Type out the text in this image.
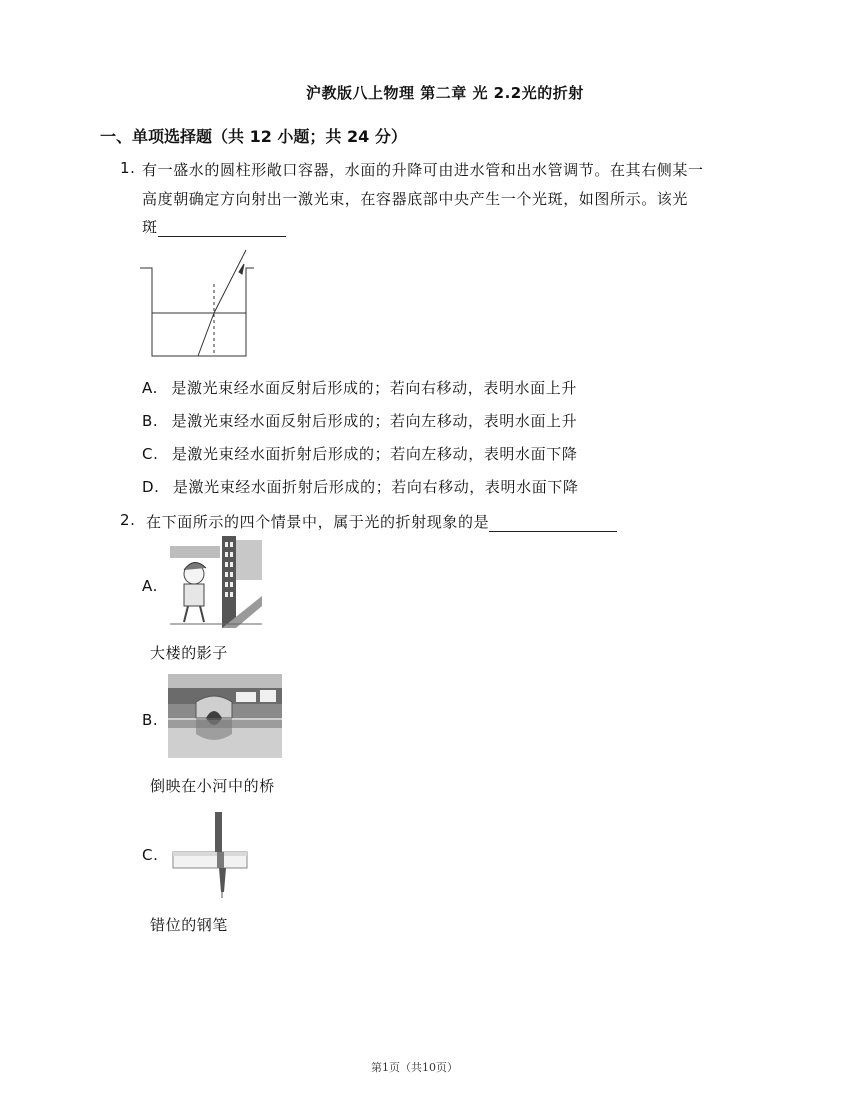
沪教版八上物理 第二章 光 2.2光的折射
一、单项选择题（共 12 小题；共 24 分）
1. 有一盛水的圆柱形敞口容器，水面的升降可由进水管和出水管调节。在其右侧某一
高度朝确定方向射出一激光束，在容器底部中央产生一个光斑，如图所示。该光
斑
A. 是激光束经水面反射后形成的；若向右移动，表明水面上升
B. 是激光束经水面反射后形成的；若向左移动，表明水面上升
C. 是激光束经水面折射后形成的；若向左移动，表明水面下降
D. 是激光束经水面折射后形成的；若向右移动，表明水面下降
2. 在下面所示的四个情景中，属于光的折射现象的是
A.
大楼的影子
B.
倒映在小河中的桥
C.
错位的钢笔
第1页（共10页）
